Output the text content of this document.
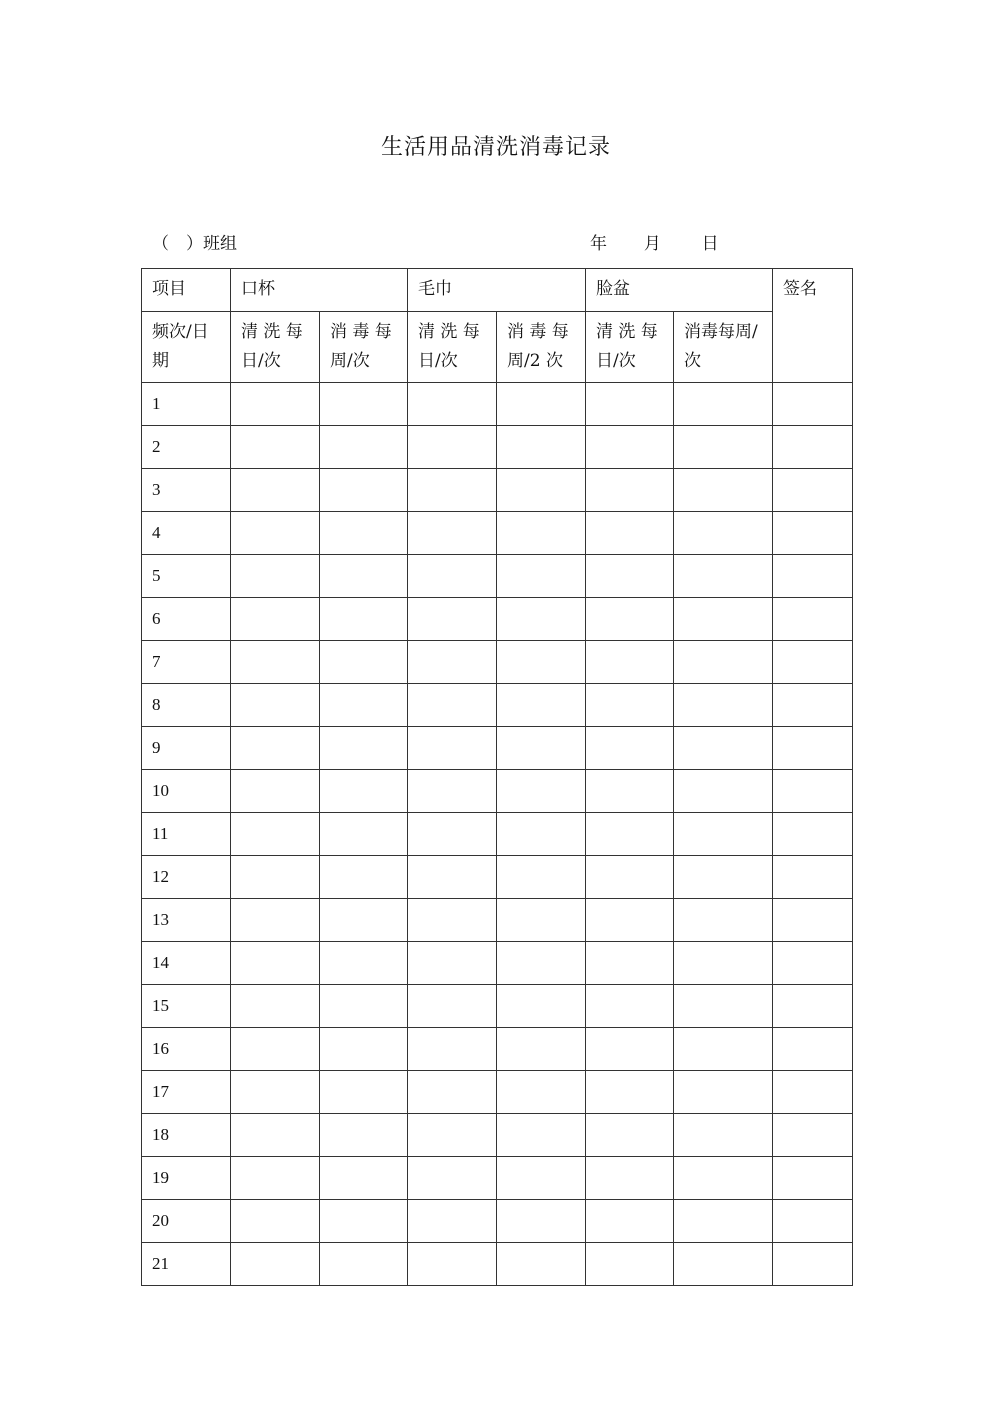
生活用品清洗消毒记录
（　）班组	年 月 日
项目	口杯		毛巾		脸盆		签名
频次/日期	清 洗 每 日/次	消 毒 每 周/次	清 洗 每 日/次	消 毒 每 周/2 次	清 洗 每 日/次	消毒每周/次	
1							
2							
3							
4							
5							
6							
7							
8							
9							
10							
11							
12							
13							
14							
15							
16							
17							
18							
19							
20							
21							
